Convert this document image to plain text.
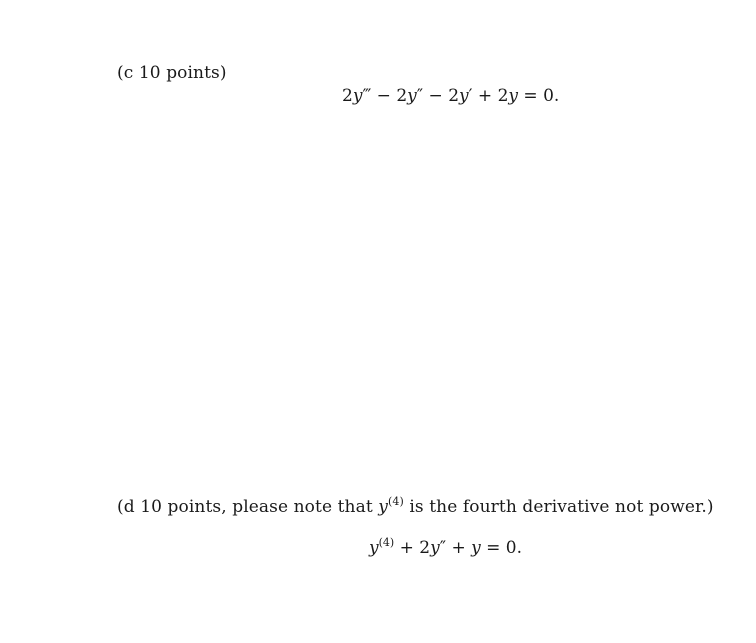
(c 10 points)
2y‴ − 2y″ − 2y′ + 2y = 0.
(d 10 points, please note that $y^{(4)}$ is the fourth derivative not power.)
$y^{(4)} + 2y'' + y = 0$.
